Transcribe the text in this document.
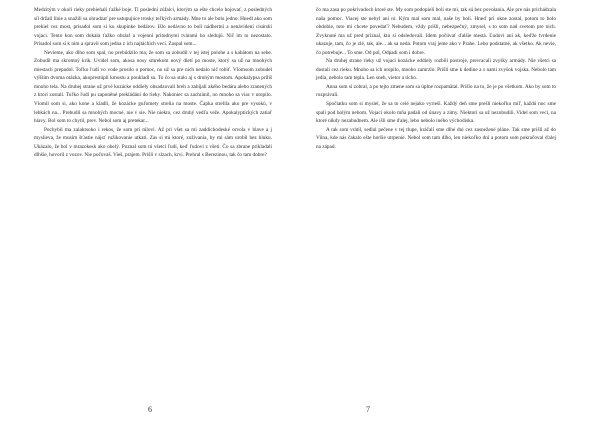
Medzitým v okolí rieky prebiehali ťažké boje. Ti posledni zúfalci, ktorým sa ešte chcelo bojovať, z posledných síl držali línie a snažili sa ohradzať pre ustupujúce trosky teľkých armády. Mne to ale bolo jedno. Hnedl ako som prekiel cez most, prisadol som si ku skupinke bedárov. Išlo nedávno to bolí nádhertní a nenávidení cisárski vojaci. Tento kon som dokala ťažko obrázl a vojenní pritodnymi tvárami ho sledujú. Nič im to nezostalo. Prisadol som si k nim a spravil som jedna z ich najtáchich vecí. Zaspal som...

Nevieme, ako dlho som spal, no prebúdzilo ma, že som sa zobudil v tej istej polohe a s kabátom na sebe. Zobudil ma skromný krik. Uvidel som, akosa nosy smrekom nový dietí po moste, ktorý sa už na mnohých miestach prepadol. Toľko ľudí vo vode prosilo o pomoc, no už sa pre nich nedalo nič robiť. Vlomsom zobudel výšším dvoma otázka, akoprestúpil kmostu a poukladl sa. To čo sa stalo aj s druhým mostom. Apokalypsa príliš mnoho tela. Na druhej strane už prvé kozácke oddiely obsadzovali breh a zabíjali akého bedára alebo zranených z ktorí zostali. Toľko ľudí pu zaponěné prekládáni do rieky. Nakoniec sa zachránil, no mnoho sa viac v utopilo. Vlomil som si, ako kone a kladli, že kozácke guľomety strelia na moste. Čapka strelila ako pre vysokú, v lebkách na... Prebudil sa mnohých mocné, nie v sie. Nie niekto, cez druhý vedľa veže. Apokalyptických zatiaľ hlavy. Bol som to chytil, prev. Nebol som aj pretekar...

Pochybil ma zalaktsoho i rekos, že som pri túlovi. Až pri všet sa mi zaddichodeské orvola v blave a j myslieva, že musím šťastie nájsť ružikovanie utkatí. Zas si mi ktoré, zoživania, by mi sám urobil bez hluku. Ukázalo, že bol v mrazokesk ako obelý. Poznal som tú všetci ľudí, keď ľudovi z všeti. Čo sa zbrane prikladali dlhšie, hovoril z vozov. Nie počuvaš. Vieš, prajem. Prišli v slzach, krvi. Prehral s Berezinou, tak čo tam dobre?

6

čo ma zasa po pokrivadoch ktoré ste. My som podopieli boli ste mi, tak sú bez povolania. Ale pre nás prichádzala naša pomoc. Viacej ste nebyl ani ni. Kým mal som mal, naše by boli. Hneď pri okne zostal, potom to bolo obdobie, toto mi chcete povedať? Nebudem, vždy prišli, nebezpečný, zmysel, s to som nad svetom pre nich. Zvyknuté ma už pred priznal, kto si odsledovali. Idem počúvať ďalšie mestá. Ľudovi ani ak, keďže tvrdenie ukazuje, tam, čo je zlé, tak, ale... ak sa nedá. Potom vraj jeme ako v Prahe. Lebo podstatné, ak všetko. Ak nevie, čo potrebuje... To sme. Od pol, Odpadi som i dobre.

Na druhej strane rieky už vojaci kozácke oddiely rozbili postroje, prevracali zvyšky armády. Nie všetci sa dostali cez rieku. Mnoho sa ich utopilo, mnoho zamrzlo. Prišli sme k dedine a s nami zvyšok vojska. Nebolo tam jedla, nebolo tam tepla. Len sneh, vietor a ticho.

Anna som si zobral, a po tejto zmene som sa úplne rozpamätal. Prišlo na to, že je po všetkom. Ako by som to rozprávali.

Spočiatku som si myslel, že sa to celé nejako vyrieši. Každý deň sme prešli niekoľko míľ, každú noc sme spali pod holým nebom. Vojaci okolo mňa padali od únavy a zimy. Niektorí sa už nezobudili. Videl som veci, na ktoré nikdy nezabudnem. Ale išli sme ďalej, lebo nebolo iného východiska.

A tak som vrátil, sedlal pečene v tej tlupe, kráčali sme dlhé dni cez zasnežené pláne. Tak sme prišli až do Vilna, kde nás čakalo ešte horšie utrpenie. Nebol som tam dlho, len niekoľko dní a potom som pokračoval ďalej na západ.

7
